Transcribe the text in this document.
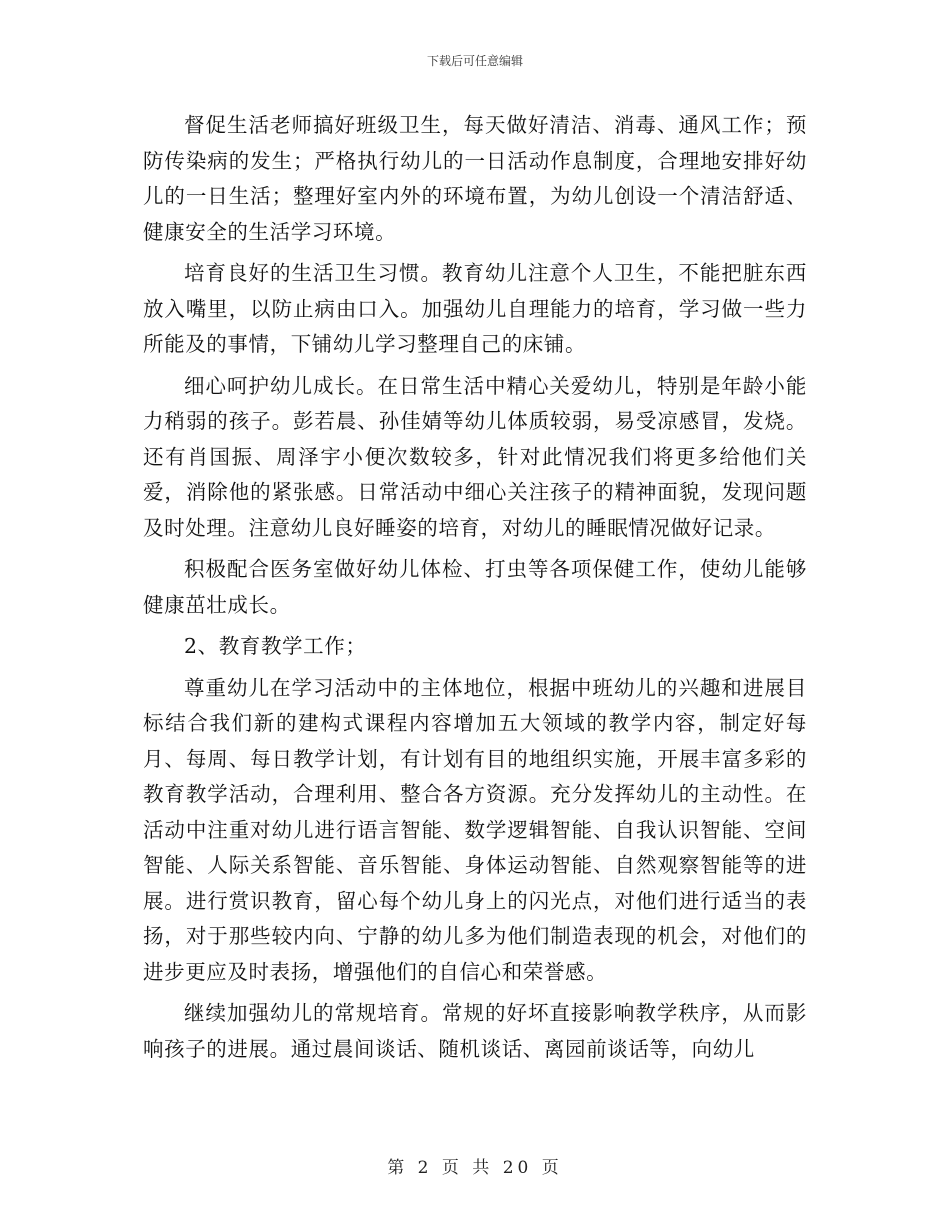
下载后可任意编辑

督促生活老师搞好班级卫生，每天做好清洁、消毒、通风工作；预防传染病的发生；严格执行幼儿的一日活动作息制度，合理地安排好幼儿的一日生活；整理好室内外的环境布置，为幼儿创设一个清洁舒适、健康安全的生活学习环境。

培育良好的生活卫生习惯。教育幼儿注意个人卫生，不能把脏东西放入嘴里，以防止病由口入。加强幼儿自理能力的培育，学习做一些力所能及的事情，下铺幼儿学习整理自己的床铺。

细心呵护幼儿成长。在日常生活中精心关爱幼儿，特别是年龄小能力稍弱的孩子。彭若晨、孙佳婧等幼儿体质较弱，易受凉感冒，发烧。还有肖国振、周泽宇小便次数较多，针对此情况我们将更多给他们关爱，消除他的紧张感。日常活动中细心关注孩子的精神面貌，发现问题及时处理。注意幼儿良好睡姿的培育，对幼儿的睡眠情况做好记录。

积极配合医务室做好幼儿体检、打虫等各项保健工作，使幼儿能够健康茁壮成长。

2、教育教学工作；

尊重幼儿在学习活动中的主体地位，根据中班幼儿的兴趣和进展目标结合我们新的建构式课程内容增加五大领域的教学内容，制定好每月、每周、每日教学计划，有计划有目的地组织实施，开展丰富多彩的教育教学活动，合理利用、整合各方资源。充分发挥幼儿的主动性。在活动中注重对幼儿进行语言智能、数学逻辑智能、自我认识智能、空间智能、人际关系智能、音乐智能、身体运动智能、自然观察智能等的进展。进行赏识教育，留心每个幼儿身上的闪光点，对他们进行适当的表扬，对于那些较内向、宁静的幼儿多为他们制造表现的机会，对他们的进步更应及时表扬，增强他们的自信心和荣誉感。

继续加强幼儿的常规培育。常规的好坏直接影响教学秩序，从而影响孩子的进展。通过晨间谈话、随机谈话、离园前谈话等，向幼儿

第 2 页 共 20 页
